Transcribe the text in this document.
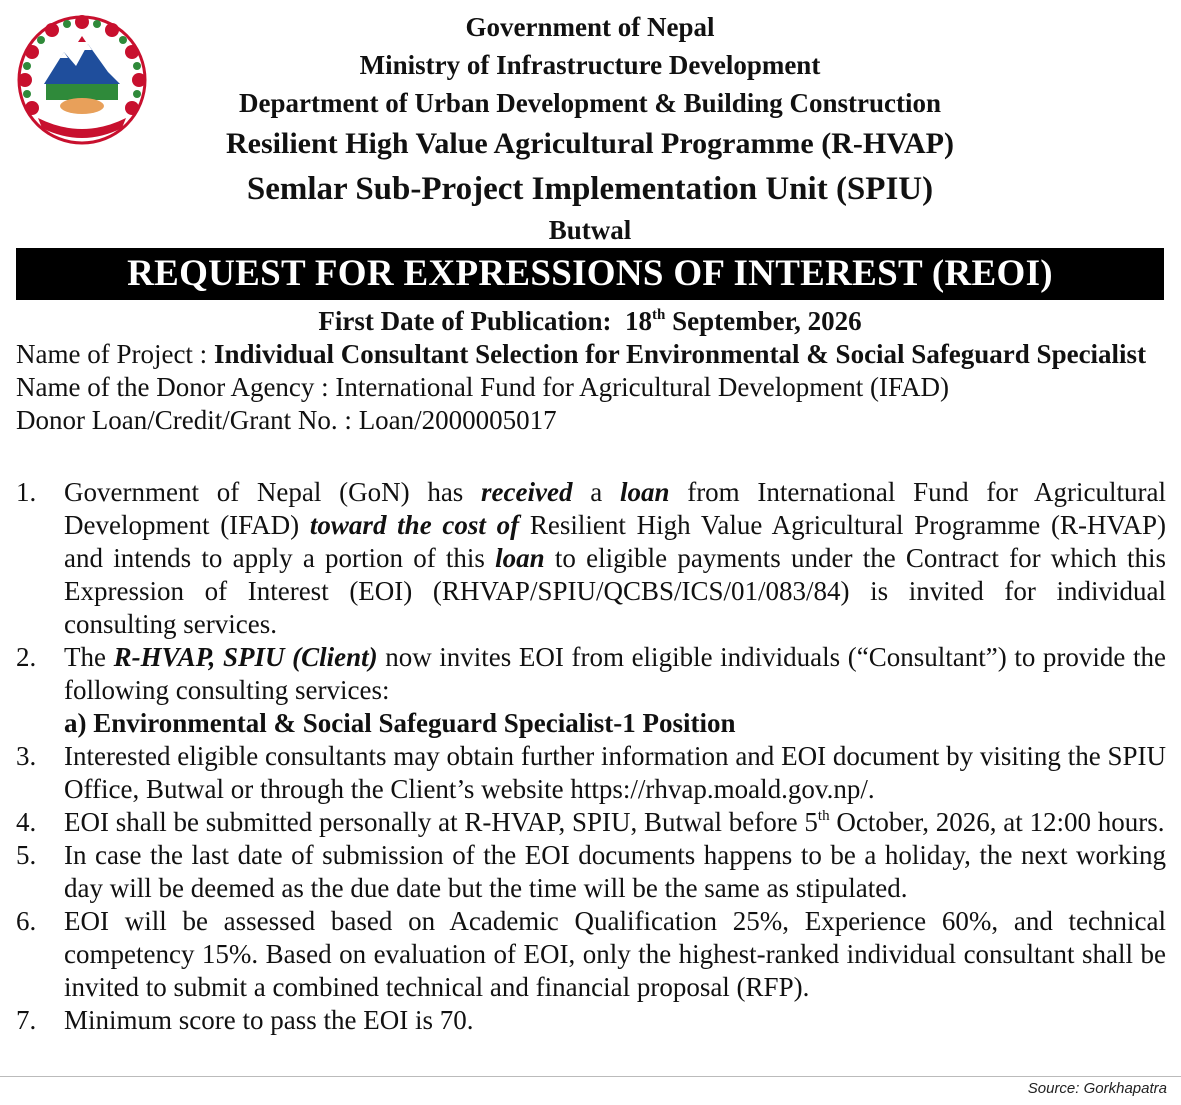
Government of Nepal
Ministry of Infrastructure Development
Department of Urban Development & Building Construction
Resilient High Value Agricultural Programme (R-HVAP)
Semlar Sub-Project Implementation Unit (SPIU)
Butwal
REQUEST FOR EXPRESSIONS OF INTEREST (REOI)
First Date of Publication: 18th September, 2026
Name of Project : Individual Consultant Selection for Environmental & Social Safeguard Specialist
Name of the Donor Agency : International Fund for Agricultural Development (IFAD)
Donor Loan/Credit/Grant No. : Loan/2000005017
1.	Government of Nepal (GoN) has received a loan from International Fund for Agricultural Development (IFAD) toward the cost of Resilient High Value Agricultural Programme (R-HVAP) and intends to apply a portion of this loan to eligible payments under the Contract for which this Expression of Interest (EOI) (RHVAP/SPIU/QCBS/ICS/01/083/84) is invited for individual consulting services.
2.	The R-HVAP, SPIU (Client) now invites EOI from eligible individuals (“Consultant”) to provide the following consulting services:
a) Environmental & Social Safeguard Specialist-1 Position
3.	Interested eligible consultants may obtain further information and EOI document by visiting the SPIU Office, Butwal or through the Client’s website https://rhvap.moald.gov.np/.
4.	EOI shall be submitted personally at R-HVAP, SPIU, Butwal before 5th October, 2026, at 12:00 hours.
5.	In case the last date of submission of the EOI documents happens to be a holiday, the next working day will be deemed as the due date but the time will be the same as stipulated.
6.	EOI will be assessed based on Academic Qualification 25%, Experience 60%, and technical competency 15%. Based on evaluation of EOI, only the highest-ranked individual consultant shall be invited to submit a combined technical and financial proposal (RFP).
7.	Minimum score to pass the EOI is 70.
Source: Gorkhapatra
